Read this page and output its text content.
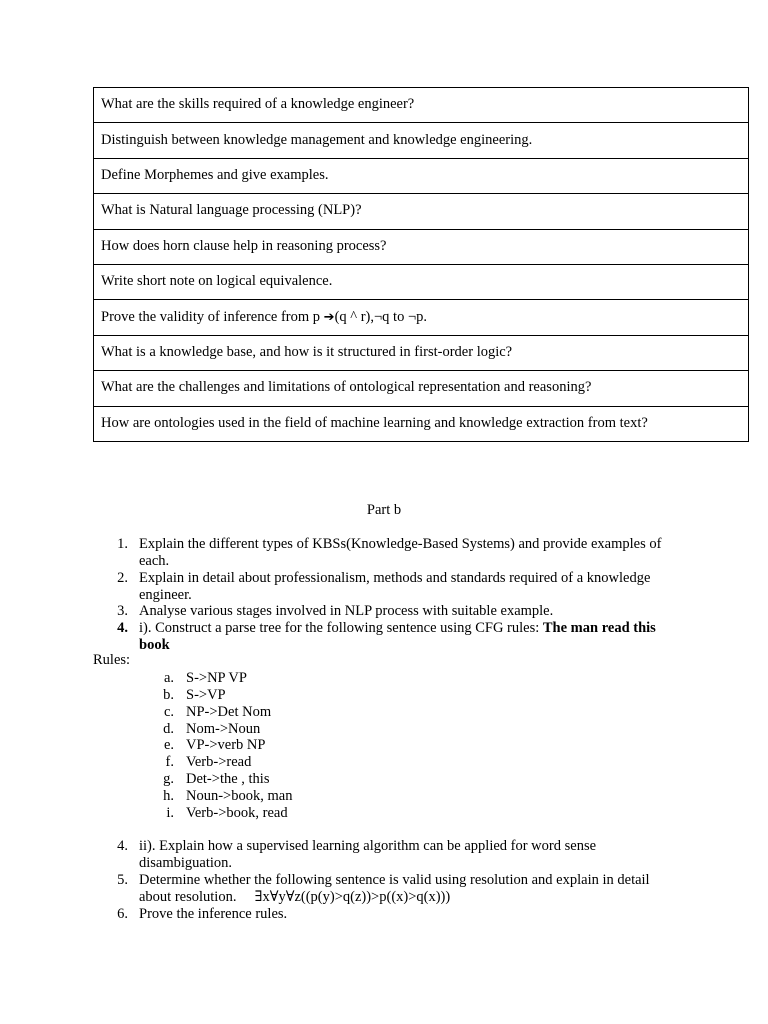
What are the skills required of a knowledge engineer?
Distinguish between knowledge management and knowledge engineering.
Define Morphemes and give examples.
What is Natural language processing (NLP)?
How does horn clause help in reasoning process?
Write short note on logical equivalence.
Prove the validity of inference from p ➔(q ^ r),¬q to ¬p.
What is a knowledge base, and how is it structured in first-order logic?
What are the challenges and limitations of ontological representation and reasoning?
How are ontologies used in the field of machine learning and knowledge extraction from text?
Part b
1. Explain the different types of KBSs(Knowledge-Based Systems) and provide examples of each.
2. Explain in detail about professionalism, methods and standards required of a knowledge engineer.
3. Analyse various stages involved in NLP process with suitable example.
4. i). Construct a parse tree for the following sentence using CFG rules: The man read this book
Rules:
a. S->NP VP
b. S->VP
c. NP->Det Nom
d. Nom->Noun
e. VP->verb NP
f. Verb->read
g. Det->the , this
h. Noun->book, man
i. Verb->book, read
4. ii). Explain how a supervised learning algorithm can be applied for word sense disambiguation.
5. Determine whether the following sentence is valid using resolution and explain in detail about resolution. ∃x∀y∀z((p(y)>q(z))>p((x)>q(x)))
6. Prove the inference rules.
